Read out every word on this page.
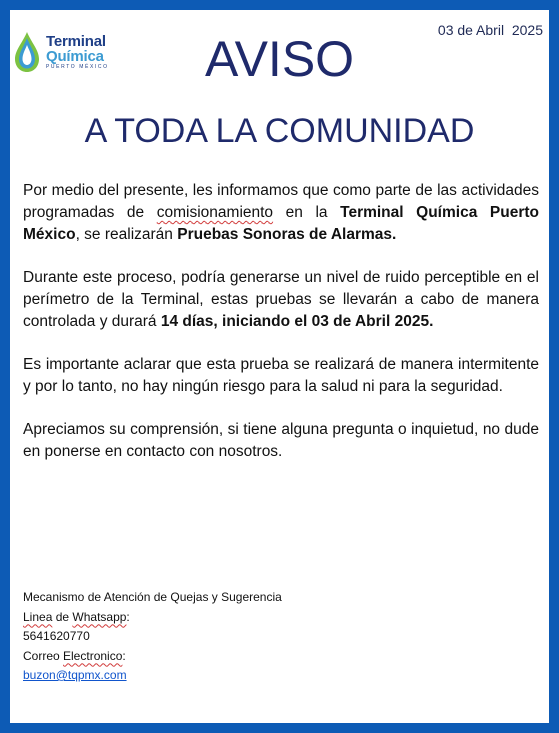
Terminal
Química
PUERTO MÉXICO
03 de Abril  2025
AVISO
A TODA LA COMUNIDAD

Por medio del presente, les informamos que como parte de las actividades programadas de comisionamiento en la Terminal Química Puerto México, se realizarán Pruebas Sonoras de Alarmas.

Durante este proceso, podría generarse un nivel de ruido perceptible en el perímetro de la Terminal, estas pruebas se llevarán a cabo de manera controlada y durará 14 días, iniciando el 03 de Abril 2025.

Es importante aclarar que esta prueba se realizará de manera intermitente y por lo tanto, no hay ningún riesgo para la salud ni para la seguridad.

Apreciamos su comprensión, si tiene alguna pregunta o inquietud, no dude en ponerse en contacto con nosotros.

Mecanismo de Atención de Quejas y Sugerencia
Linea de Whatsapp:
5641620770
Correo Electronico:
buzon@tqpmx.com
